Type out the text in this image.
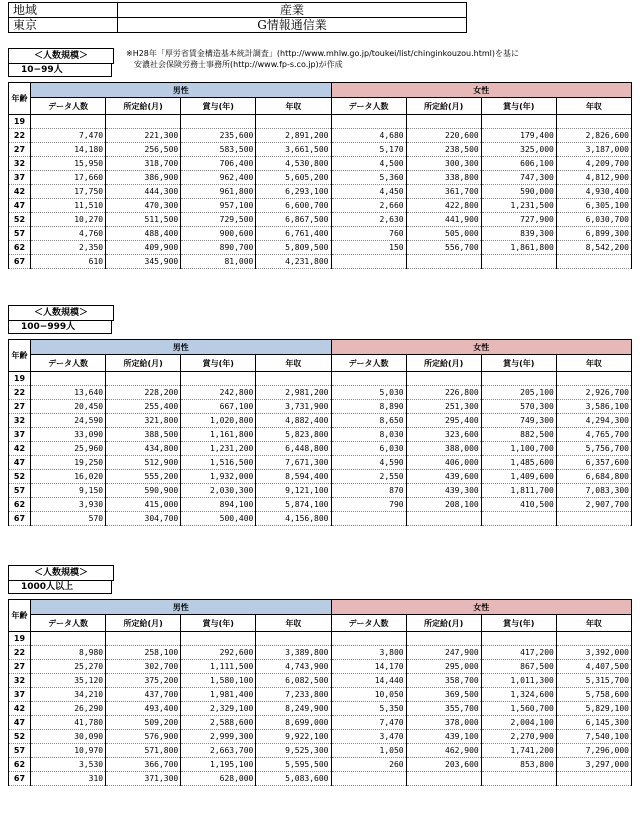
地域	産業
東京	G情報通信業
＜人数規模＞
10−99人
※H28年「厚労省賃金構造基本統計調査」(http://www.mhlw.go.jp/toukei/list/chinginkouzou.html)を基に
安濃社会保険労務士事務所(http://www.fp-s.co.jp)が作成
年齢	男性				女性			
	データ人数	所定給(月)	賞与(年)	年収	データ人数	所定給(月)	賞与(年)	年収
19								
22	7,470	221,300	235,600	2,891,200	4,680	220,600	179,400	2,826,600
27	14,180	256,500	583,500	3,661,500	5,170	238,500	325,000	3,187,000
32	15,950	318,700	706,400	4,530,800	4,500	300,300	606,100	4,209,700
37	17,660	386,900	962,400	5,605,200	5,360	338,800	747,300	4,812,900
42	17,750	444,300	961,800	6,293,100	4,450	361,700	590,000	4,930,400
47	11,510	470,300	957,100	6,600,700	2,660	422,800	1,231,500	6,305,100
52	10,270	511,500	729,500	6,867,500	2,630	441,900	727,900	6,030,700
57	4,760	488,400	900,600	6,761,400	760	505,000	839,300	6,899,300
62	2,350	409,900	890,700	5,809,500	150	556,700	1,861,800	8,542,200
67	610	345,900	81,000	4,231,800				
＜人数規模＞
100−999人
年齢	男性				女性			
	データ人数	所定給(月)	賞与(年)	年収	データ人数	所定給(月)	賞与(年)	年収
19								
22	13,640	228,200	242,800	2,981,200	5,030	226,800	205,100	2,926,700
27	20,450	255,400	667,100	3,731,900	8,890	251,300	570,300	3,586,100
32	24,590	321,800	1,020,800	4,882,400	8,650	295,400	749,300	4,294,300
37	33,090	388,500	1,161,800	5,823,800	8,030	323,600	882,500	4,765,700
42	25,960	434,800	1,231,200	6,448,800	6,030	388,000	1,100,700	5,756,700
47	19,250	512,900	1,516,500	7,671,300	4,590	406,000	1,485,600	6,357,600
52	16,020	555,200	1,932,000	8,594,400	2,550	439,600	1,409,600	6,684,800
57	9,150	590,900	2,030,300	9,121,100	870	439,300	1,811,700	7,083,300
62	3,930	415,000	894,100	5,874,100	790	208,100	410,500	2,907,700
67	570	304,700	500,400	4,156,800				
＜人数規模＞
1000人以上
年齢	男性				女性			
	データ人数	所定給(月)	賞与(年)	年収	データ人数	所定給(月)	賞与(年)	年収
19								
22	8,980	258,100	292,600	3,389,800	3,800	247,900	417,200	3,392,000
27	25,270	302,700	1,111,500	4,743,900	14,170	295,000	867,500	4,407,500
32	35,120	375,200	1,580,100	6,082,500	14,440	358,700	1,011,300	5,315,700
37	34,210	437,700	1,981,400	7,233,800	10,050	369,500	1,324,600	5,758,600
42	26,290	493,400	2,329,100	8,249,900	5,350	355,700	1,560,700	5,829,100
47	41,780	509,200	2,588,600	8,699,000	7,470	378,000	2,004,100	6,145,300
52	30,090	576,900	2,999,300	9,922,100	3,470	439,100	2,270,900	7,540,100
57	10,970	571,800	2,663,700	9,525,300	1,050	462,900	1,741,200	7,296,000
62	3,530	366,700	1,195,100	5,595,500	260	203,600	853,800	3,297,000
67	310	371,300	628,000	5,083,600				
